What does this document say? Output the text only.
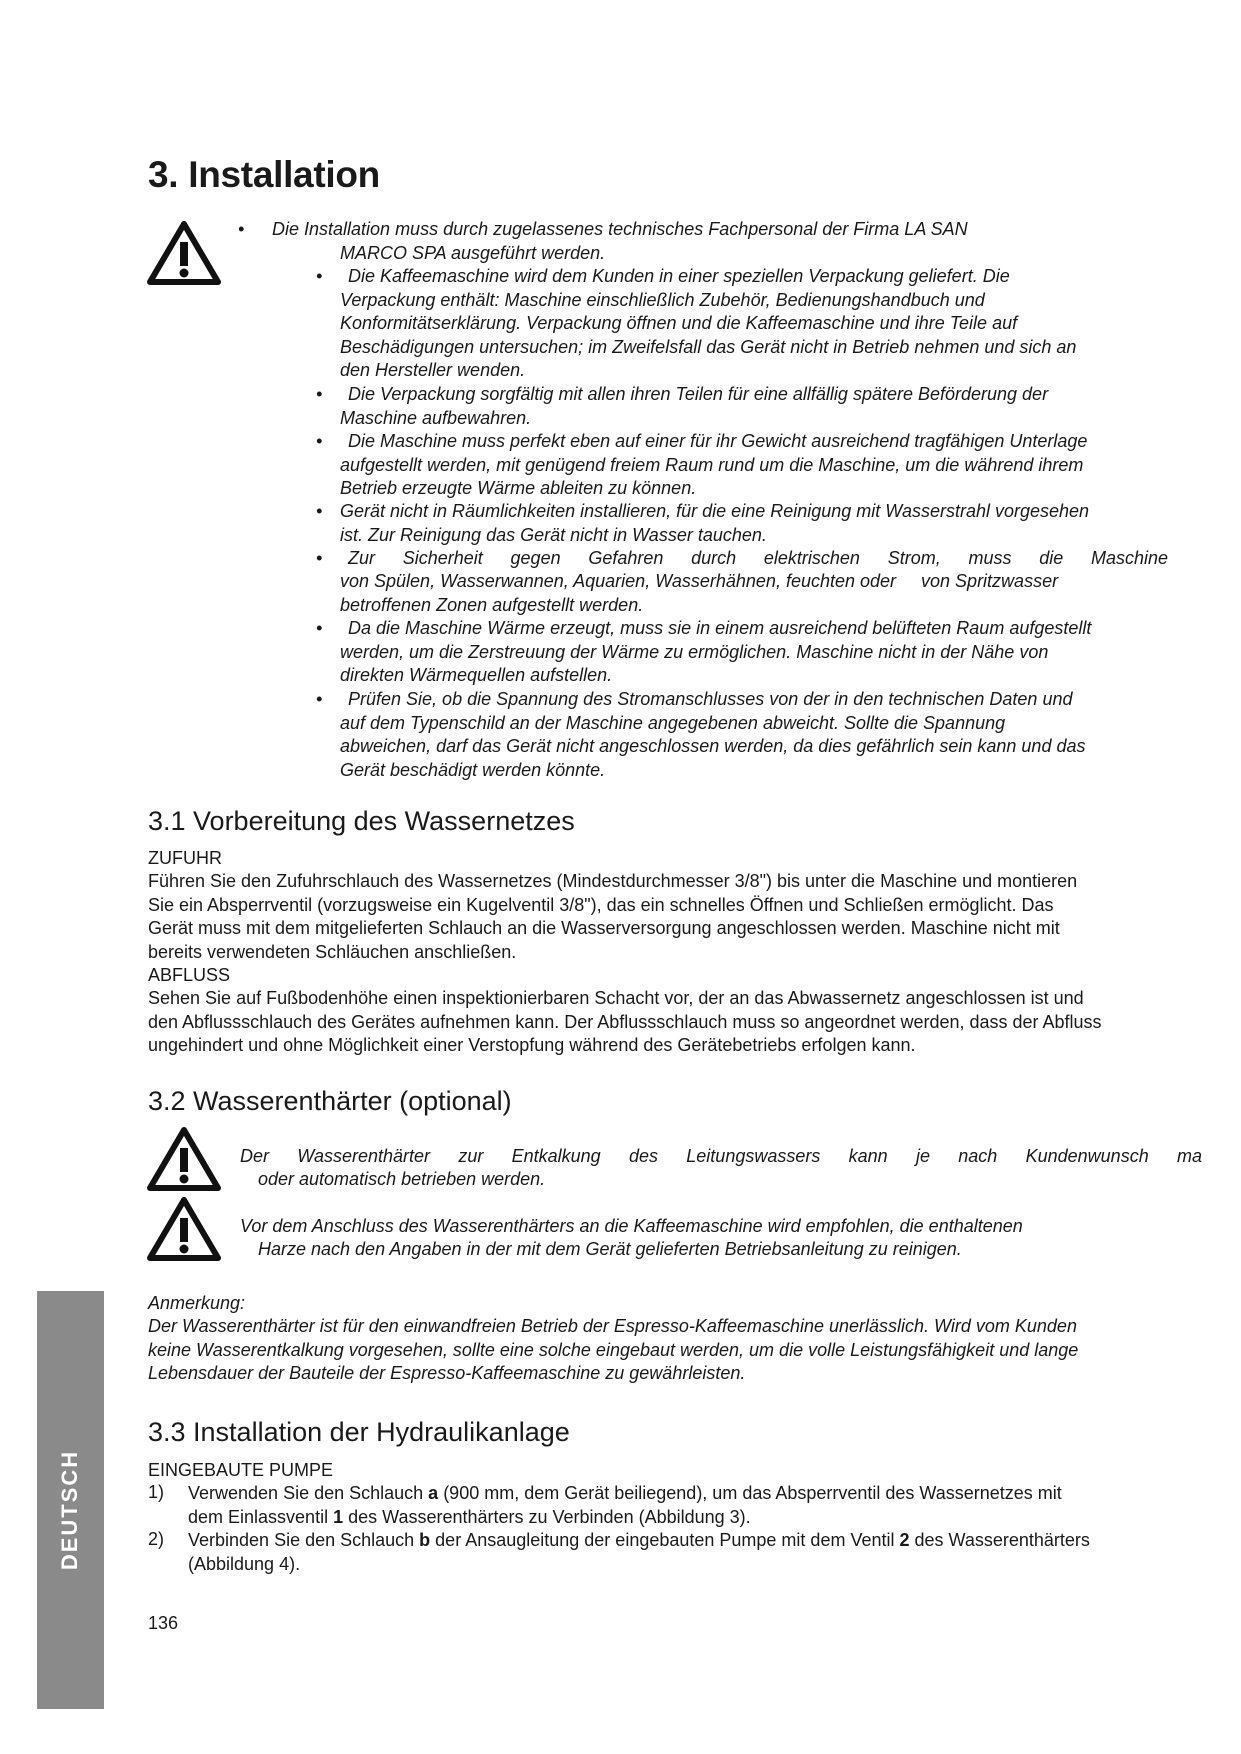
3. Installation
• Die Installation muss durch zugelassenes technisches Fachpersonal der Firma LA SAN
MARCO SPA ausgeführt werden.
•	Die Kaffeemaschine wird dem Kunden in einer speziellen Verpackung geliefert. Die Verpackung enthält: Maschine einschließlich Zubehör, Bedienungshandbuch und Konformitätserklärung. Verpackung öffnen und die Kaffeemaschine und ihre Teile auf Beschädigungen untersuchen; im Zweifelsfall das Gerät nicht in Betrieb nehmen und sich an den Hersteller wenden.
•	Die Verpackung sorgfältig mit allen ihren Teilen für eine allfällig spätere Beförderung der Maschine aufbewahren.
•	Die Maschine muss perfekt eben auf einer für ihr Gewicht ausreichend tragfähigen Unterlage aufgestellt werden, mit genügend freiem Raum rund um die Maschine, um die während ihrem Betrieb erzeugte Wärme ableiten zu können.
• Gerät nicht in Räumlichkeiten installieren, für die eine Reinigung mit Wasserstrahl vorgesehen ist. Zur Reinigung das Gerät nicht in Wasser tauchen.
• Zur Sicherheit gegen Gefahren durch elektrischen Strom, muss die Maschine
von Spülen, Wasserwannen, Aquarien, Wasserhähnen, feuchten oder     von Spritzwasser betroffenen Zonen aufgestellt werden.
•	Da die Maschine Wärme erzeugt, muss sie in einem ausreichend belüfteten Raum aufgestellt werden, um die Zerstreuung der Wärme zu ermöglichen. Maschine nicht in der Nähe von direkten Wärmequellen aufstellen.
•	Prüfen Sie, ob die Spannung des Stromanschlusses von der in den technischen Daten und auf dem Typenschild an der Maschine angegebenen abweicht. Sollte die Spannung abweichen, darf das Gerät nicht angeschlossen werden, da dies gefährlich sein kann und das Gerät beschädigt werden könnte.
3.1 Vorbereitung des Wassernetzes
ZUFUHR
Führen Sie den Zufuhrschlauch des Wassernetzes (Mindestdurchmesser 3/8") bis unter die Maschine und montieren Sie ein Absperrventil (vorzugsweise ein Kugelventil 3/8"), das ein schnelles Öffnen und Schließen ermöglicht. Das Gerät muss mit dem mitgelieferten Schlauch an die Wasserversorgung angeschlossen werden. Maschine nicht mit bereits verwendeten Schläuchen anschließen.
ABFLUSS
Sehen Sie auf Fußbodenhöhe einen inspektionierbaren Schacht vor, der an das Abwassernetz angeschlossen ist und den Abflussschlauch des Gerätes aufnehmen kann. Der Abflussschlauch muss so angeordnet werden, dass der Abfluss ungehindert und ohne Möglichkeit einer Verstopfung während des Gerätebetriebs erfolgen kann.
3.2 Wasserenthärter (optional)
Der Wasserenthärter zur Entkalkung des Leitungswassers kann je nach Kundenwunsch ma
oder automatisch betrieben werden.
Vor dem Anschluss des Wasserenthärters an die Kaffeemaschine wird empfohlen, die enthaltenen
Harze nach den Angaben in der mit dem Gerät gelieferten Betriebsanleitung zu reinigen.
Anmerkung:
Der Wasserenthärter ist für den einwandfreien Betrieb der Espresso-Kaffeemaschine unerlässlich. Wird vom Kunden keine Wasserentkalkung vorgesehen, sollte eine solche eingebaut werden, um die volle Leistungsfähigkeit und lange Lebensdauer der Bauteile der Espresso-Kaffeemaschine zu gewährleisten.
3.3 Installation der Hydraulikanlage
EINGEBAUTE PUMPE
1) Verwenden Sie den Schlauch a (900 mm, dem Gerät beiliegend), um das Absperrventil des Wassernetzes mit dem Einlassventil 1 des Wasserenthärters zu Verbinden (Abbildung 3).
2) Verbinden Sie den Schlauch b der Ansaugleitung der eingebauten Pumpe mit dem Ventil 2 des Wasserenthärters (Abbildung 4).
136
DEUTSCH
